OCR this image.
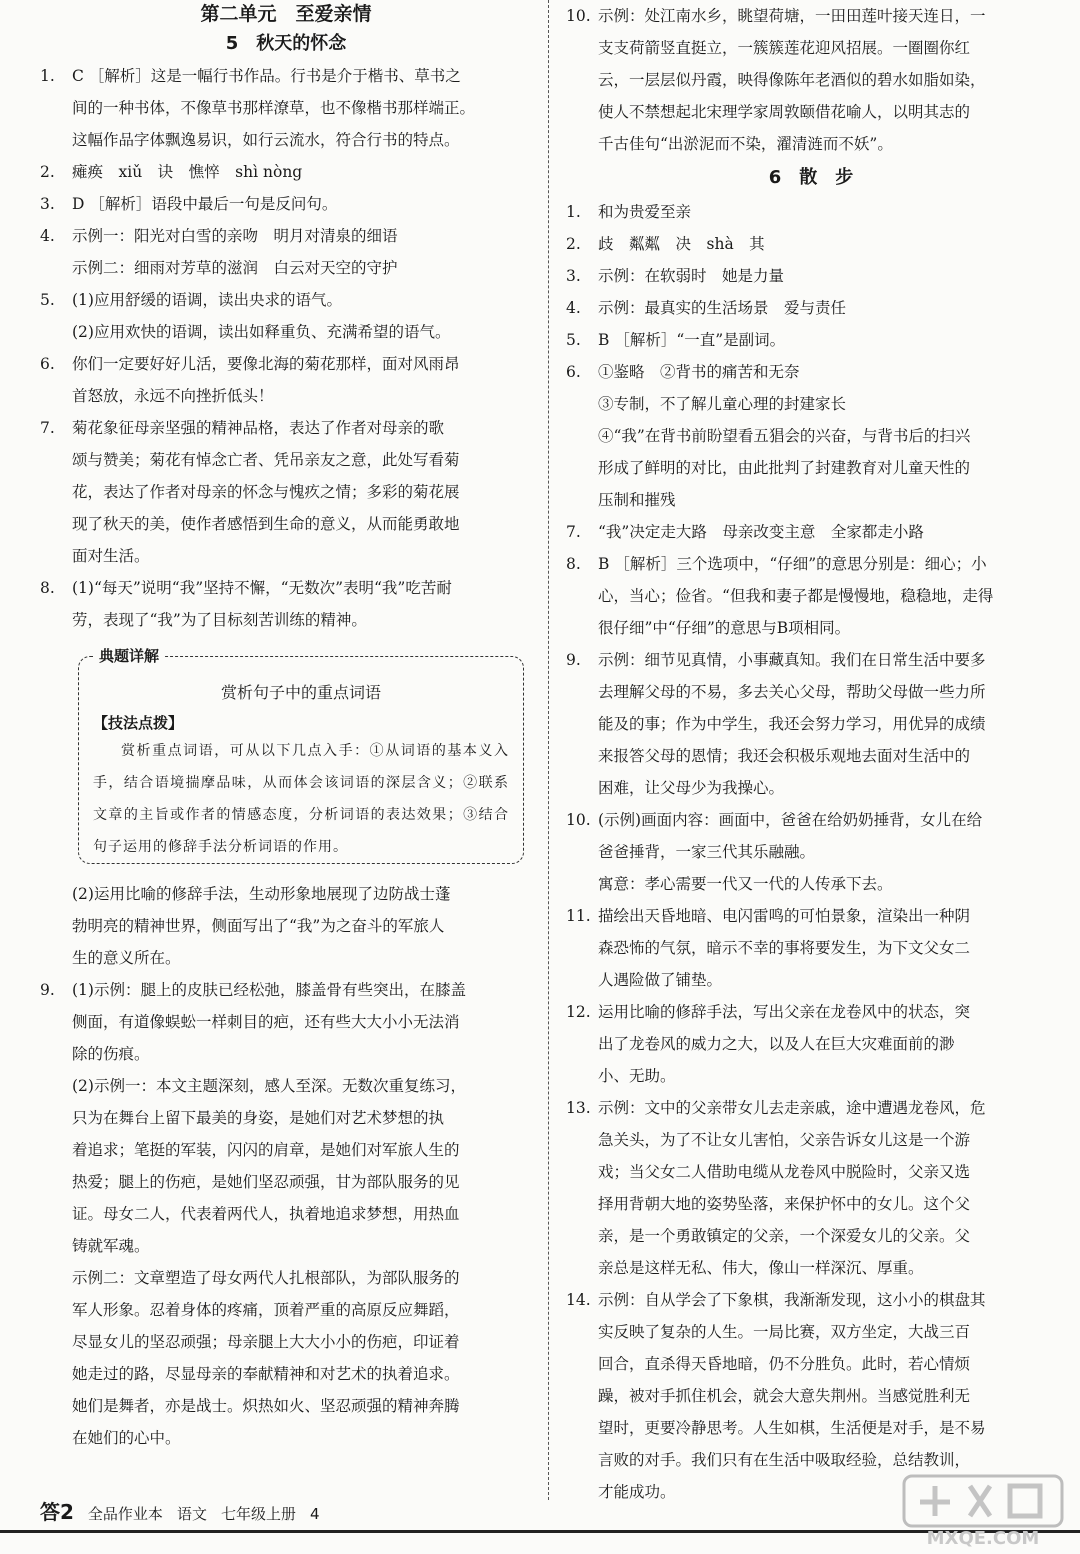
第二单元　至爱亲情
5　秋天的怀念
1.	C ［解析］这是一幅行书作品。行书是介于楷书、草书之
间的一种书体，不像草书那样潦草，也不像楷书那样端正。
这幅作品字体飘逸易识，如行云流水，符合行书的特点。
2.	瘫痪　xiǔ　诀　憔悴　shì nòng
3.	D ［解析］语段中最后一句是反问句。
4.	示例一：阳光对白雪的亲吻　明月对清泉的细语
示例二：细雨对芳草的滋润　白云对天空的守护
5.	(1)应用舒缓的语调，读出央求的语气。
(2)应用欢快的语调，读出如释重负、充满希望的语气。
6.	你们一定要好好儿活，要像北海的菊花那样，面对风雨昂
首怒放，永远不向挫折低头！
7.	菊花象征母亲坚强的精神品格，表达了作者对母亲的歌
颂与赞美；菊花有悼念亡者、凭吊亲友之意，此处写看菊
花，表达了作者对母亲的怀念与愧疚之情；多彩的菊花展
现了秋天的美，使作者感悟到生命的意义，从而能勇敢地
面对生活。
8.	(1)“每天”说明“我”坚持不懈，“无数次”表明“我”吃苦耐
劳，表现了“我”为了目标刻苦训练的精神。
典题详解
赏析句子中的重点词语
【技法点拨】
赏析重点词语，可从以下几点入手：①从词语的基本义入手，结合语境揣摩品味，从而体会该词语的深层含义；②联系文章的主旨或作者的情感态度，分析词语的表达效果；③结合句子运用的修辞手法分析词语的作用。
(2)运用比喻的修辞手法，生动形象地展现了边防战士蓬
勃明亮的精神世界，侧面写出了“我”为之奋斗的军旅人
生的意义所在。
9.	(1)示例：腿上的皮肤已经松弛，膝盖骨有些突出，在膝盖
侧面，有道像蜈蚣一样刺目的疤，还有些大大小小无法消
除的伤痕。
(2)示例一：本文主题深刻，感人至深。无数次重复练习，
只为在舞台上留下最美的身姿，是她们对艺术梦想的执
着追求；笔挺的军装，闪闪的肩章，是她们对军旅人生的
热爱；腿上的伤疤，是她们坚忍顽强，甘为部队服务的见
证。母女二人，代表着两代人，执着地追求梦想，用热血
铸就军魂。
示例二：文章塑造了母女两代人扎根部队，为部队服务的
军人形象。忍着身体的疼痛，顶着严重的高原反应舞蹈，
尽显女儿的坚忍顽强；母亲腿上大大小小的伤疤，印证着
她走过的路，尽显母亲的奉献精神和对艺术的执着追求。
她们是舞者，亦是战士。炽热如火、坚忍顽强的精神奔腾
在她们的心中。
10. 示例：处江南水乡，眺望荷塘，一田田莲叶接天连日，一
支支荷箭竖直挺立，一簇簇莲花迎风招展。一圈圈你红
云，一层层似丹霞，映得像陈年老酒似的碧水如脂如染，
使人不禁想起北宋理学家周敦颐借花喻人，以明其志的
千古佳句“出淤泥而不染，濯清涟而不妖”。
6　散　步
1.	和为贵爱至亲
2.	歧　粼粼　决　shà　其
3.	示例：在软弱时　她是力量
4.	示例：最真实的生活场景　爱与责任
5.	B ［解析］“一直”是副词。
6.	①鉴略　②背书的痛苦和无奈
③专制，不了解儿童心理的封建家长
④“我”在背书前盼望看五猖会的兴奋，与背书后的扫兴
形成了鲜明的对比，由此批判了封建教育对儿童天性的
压制和摧残
7.	“我”决定走大路　母亲改变主意　全家都走小路
8.	B ［解析］三个选项中，“仔细”的意思分别是：细心；小
心，当心；俭省。“但我和妻子都是慢慢地，稳稳地，走得
很仔细”中“仔细”的意思与B项相同。
9.	示例：细节见真情，小事藏真知。我们在日常生活中要多
去理解父母的不易，多去关心父母，帮助父母做一些力所
能及的事；作为中学生，我还会努力学习，用优异的成绩
来报答父母的恩情；我还会积极乐观地去面对生活中的
困难，让父母少为我操心。
10. (示例)画面内容：画面中，爸爸在给奶奶捶背，女儿在给
爸爸捶背，一家三代其乐融融。
寓意：孝心需要一代又一代的人传承下去。
11. 描绘出天昏地暗、电闪雷鸣的可怕景象，渲染出一种阴
森恐怖的气氛，暗示不幸的事将要发生，为下文父女二
人遇险做了铺垫。
12. 运用比喻的修辞手法，写出父亲在龙卷风中的状态，突
出了龙卷风的威力之大，以及人在巨大灾难面前的渺
小、无助。
13. 示例：文中的父亲带女儿去走亲戚，途中遭遇龙卷风，危
急关头，为了不让女儿害怕，父亲告诉女儿这是一个游
戏；当父女二人借助电缆从龙卷风中脱险时，父亲又选
择用背朝大地的姿势坠落，来保护怀中的女儿。这个父
亲，是一个勇敢镇定的父亲，一个深爱女儿的父亲。父
亲总是这样无私、伟大，像山一样深沉、厚重。
14. 示例：自从学会了下象棋，我渐渐发现，这小小的棋盘其
实反映了复杂的人生。一局比赛，双方坐定，大战三百
回合，直杀得天昏地暗，仍不分胜负。此时，若心情烦
躁，被对手抓住机会，就会大意失荆州。当感觉胜利无
望时，更要冷静思考。人生如棋，生活便是对手，是不易
言败的对手。我们只有在生活中吸取经验，总结教训，
才能成功。
答2 全品作业本 语文 七年级上册 4
MXQE.COM
